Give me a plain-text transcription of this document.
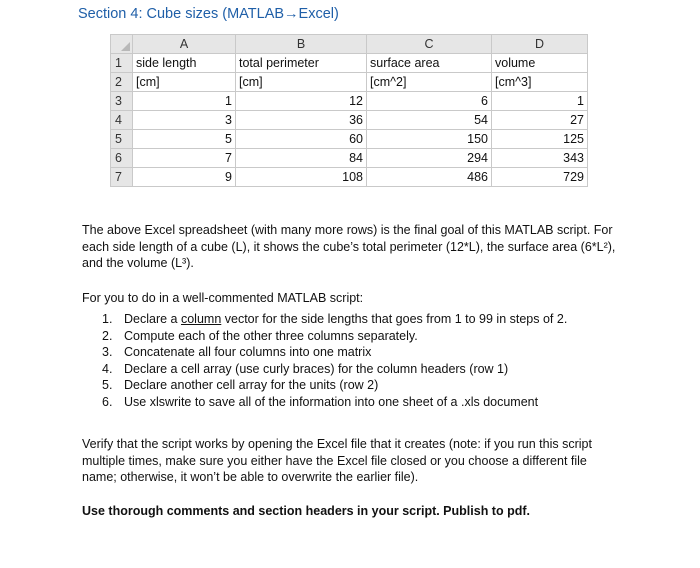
Section 4: Cube sizes (MATLAB→Excel)
	A	B	C	D
1	side length	total perimeter	surface area	volume
2	[cm]	[cm]	[cm^2]	[cm^3]
3	1	12	6	1
4	3	36	54	27
5	5	60	150	125
6	7	84	294	343
7	9	108	486	729

The above Excel spreadsheet (with many more rows) is the final goal of this MATLAB script. For each side length of a cube (L), it shows the cube’s total perimeter (12*L), the surface area (6*L²), and the volume (L³).

For you to do in a well-commented MATLAB script:

1. Declare a column vector for the side lengths that goes from 1 to 99 in steps of 2.
2. Compute each of the other three columns separately.
3. Concatenate all four columns into one matrix
4. Declare a cell array (use curly braces) for the column headers (row 1)
5. Declare another cell array for the units (row 2)
6. Use xlswrite to save all of the information into one sheet of a .xls document

Verify that the script works by opening the Excel file that it creates (note: if you run this script multiple times, make sure you either have the Excel file closed or you choose a different file name; otherwise, it won’t be able to overwrite the earlier file).

Use thorough comments and section headers in your script. Publish to pdf.
